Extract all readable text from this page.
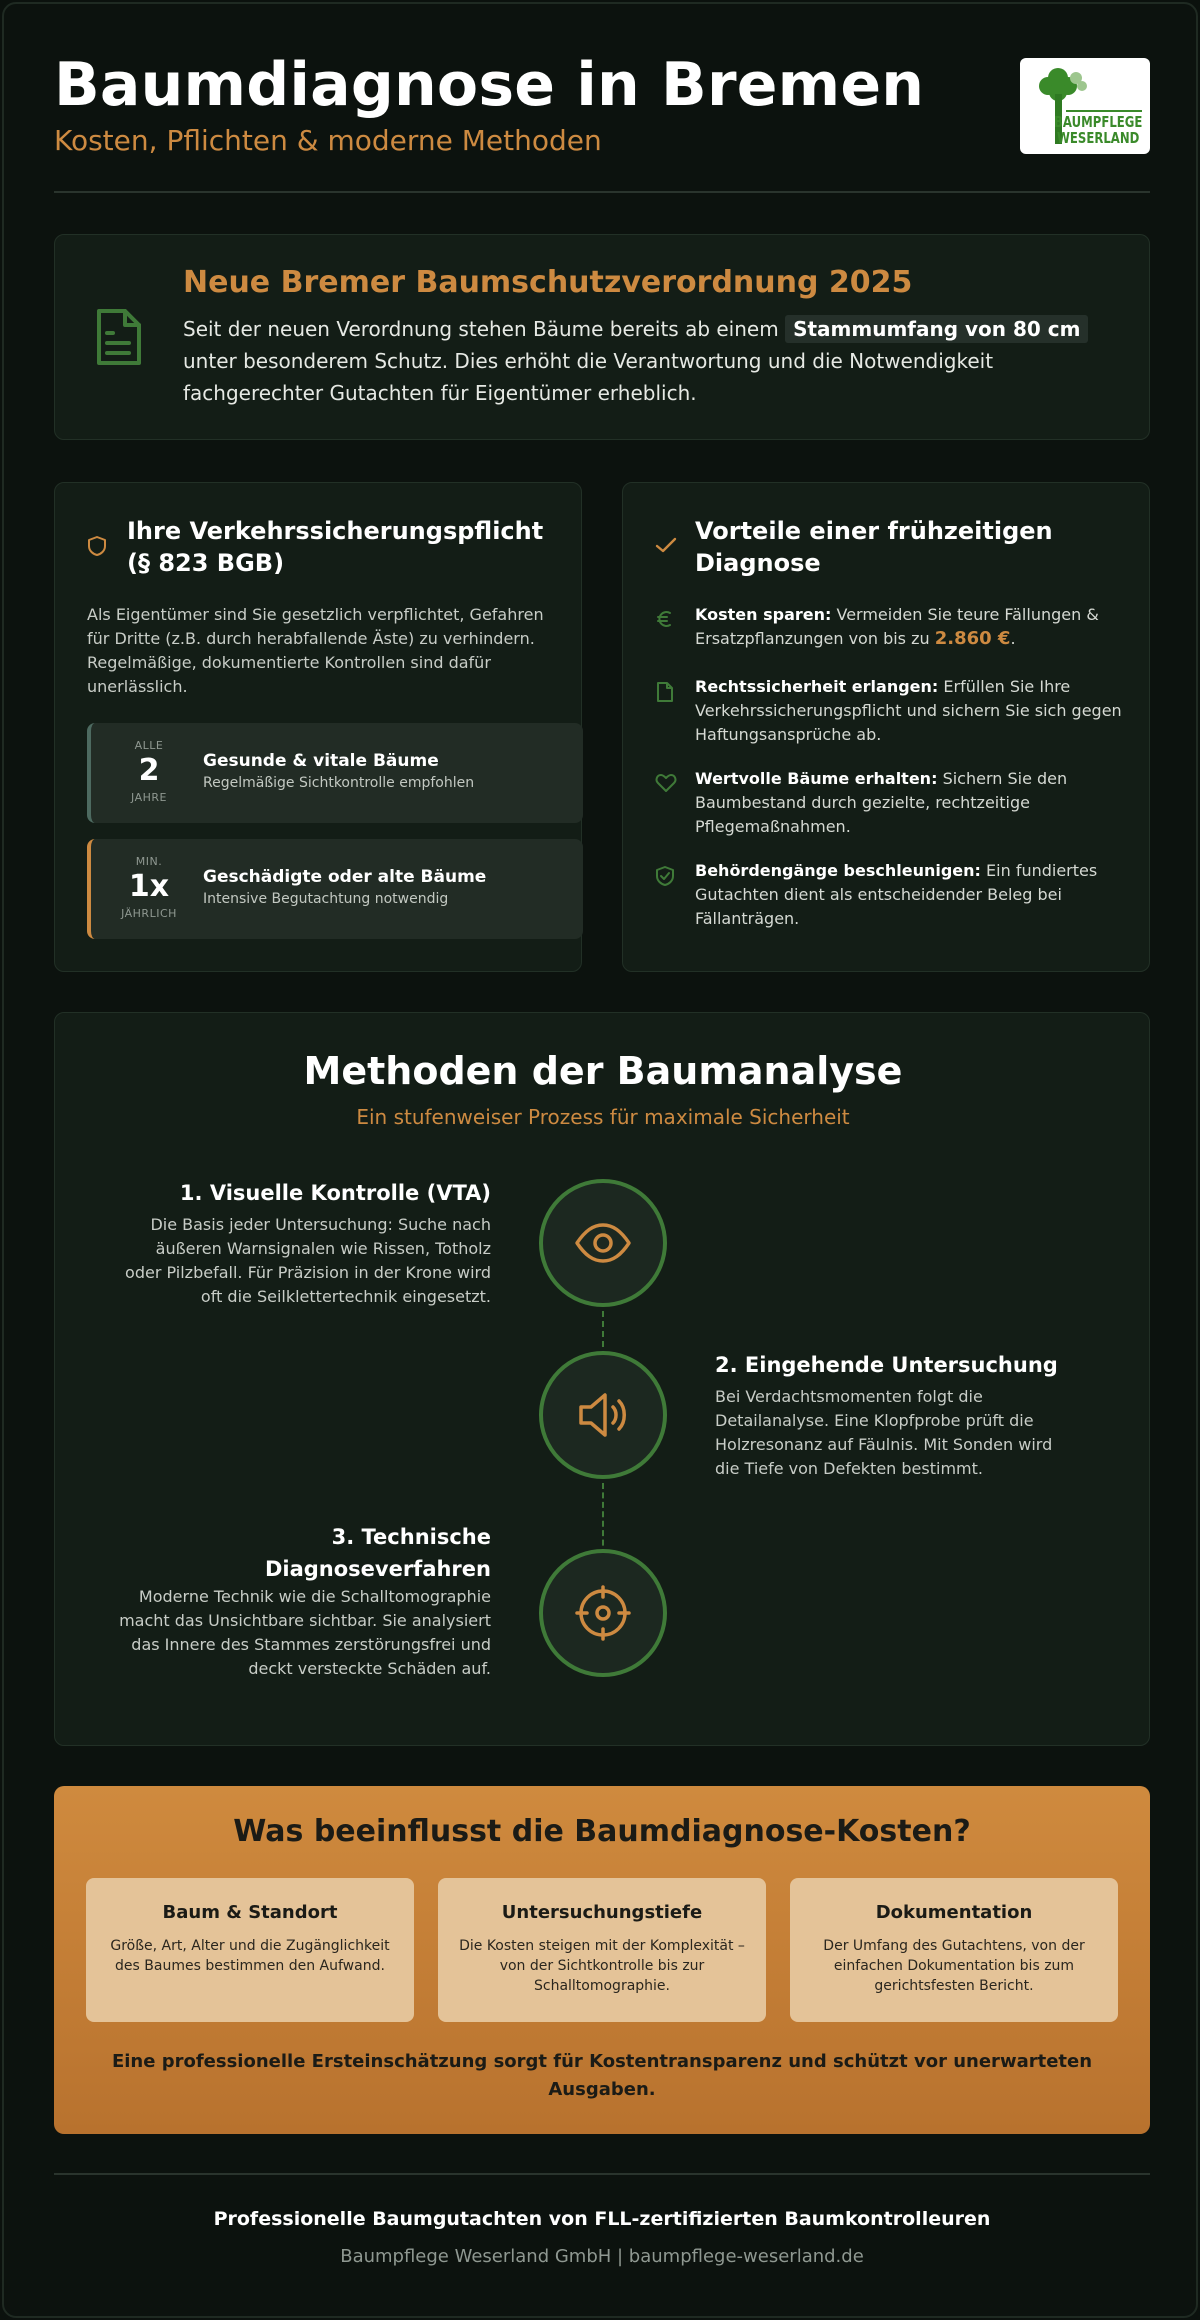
Baumdiagnose in Bremen
Kosten, Pflichten & moderne Methoden
BAUMPFLEGE
WESERLAND
Neue Bremer Baumschutzverordnung 2025
Seit der neuen Verordnung stehen Bäume bereits ab einem Stammumfang von 80 cm unter besonderem Schutz. Dies erhöht die Verantwortung und die Notwendigkeit fachgerechter Gutachten für Eigentümer erheblich.
Ihre Verkehrssicherungspflicht (§ 823 BGB)
Als Eigentümer sind Sie gesetzlich verpflichtet, Gefahren für Dritte (z.B. durch herabfallende Äste) zu verhindern. Regelmäßige, dokumentierte Kontrollen sind dafür unerlässlich.
ALLE
2
JAHRE
Gesunde & vitale Bäume
Regelmäßige Sichtkontrolle empfohlen
MIN.
1x
JÄHRLICH
Geschädigte oder alte Bäume
Intensive Begutachtung notwendig
Vorteile einer frühzeitigen Diagnose
Kosten sparen: Vermeiden Sie teure Fällungen & Ersatzpflanzungen von bis zu 2.860 €.
Rechtssicherheit erlangen: Erfüllen Sie Ihre Verkehrssicherungspflicht und sichern Sie sich gegen Haftungsansprüche ab.
Wertvolle Bäume erhalten: Sichern Sie den Baumbestand durch gezielte, rechtzeitige Pflegemaßnahmen.
Behördengänge beschleunigen: Ein fundiertes Gutachten dient als entscheidender Beleg bei Fällanträgen.
Methoden der Baumanalyse
Ein stufenweiser Prozess für maximale Sicherheit
1. Visuelle Kontrolle (VTA)
Die Basis jeder Untersuchung: Suche nach äußeren Warnsignalen wie Rissen, Totholz oder Pilzbefall. Für Präzision in der Krone wird oft die Seilklettertechnik eingesetzt.
2. Eingehende Untersuchung
Bei Verdachtsmomenten folgt die Detailanalyse. Eine Klopfprobe prüft die Holzresonanz auf Fäulnis. Mit Sonden wird die Tiefe von Defekten bestimmt.
3. Technische Diagnoseverfahren
Moderne Technik wie die Schalltomographie macht das Unsichtbare sichtbar. Sie analysiert das Innere des Stammes zerstörungsfrei und deckt versteckte Schäden auf.
Was beeinflusst die Baumdiagnose-Kosten?
Baum & Standort
Größe, Art, Alter und die Zugänglichkeit des Baumes bestimmen den Aufwand.
Untersuchungstiefe
Die Kosten steigen mit der Komplexität – von der Sichtkontrolle bis zur Schalltomographie.
Dokumentation
Der Umfang des Gutachtens, von der einfachen Dokumentation bis zum gerichtsfesten Bericht.
Eine professionelle Ersteinschätzung sorgt für Kostentransparenz und schützt vor unerwarteten Ausgaben.
Professionelle Baumgutachten von FLL-zertifizierten Baumkontrolleuren
Baumpflege Weserland GmbH | baumpflege-weserland.de
